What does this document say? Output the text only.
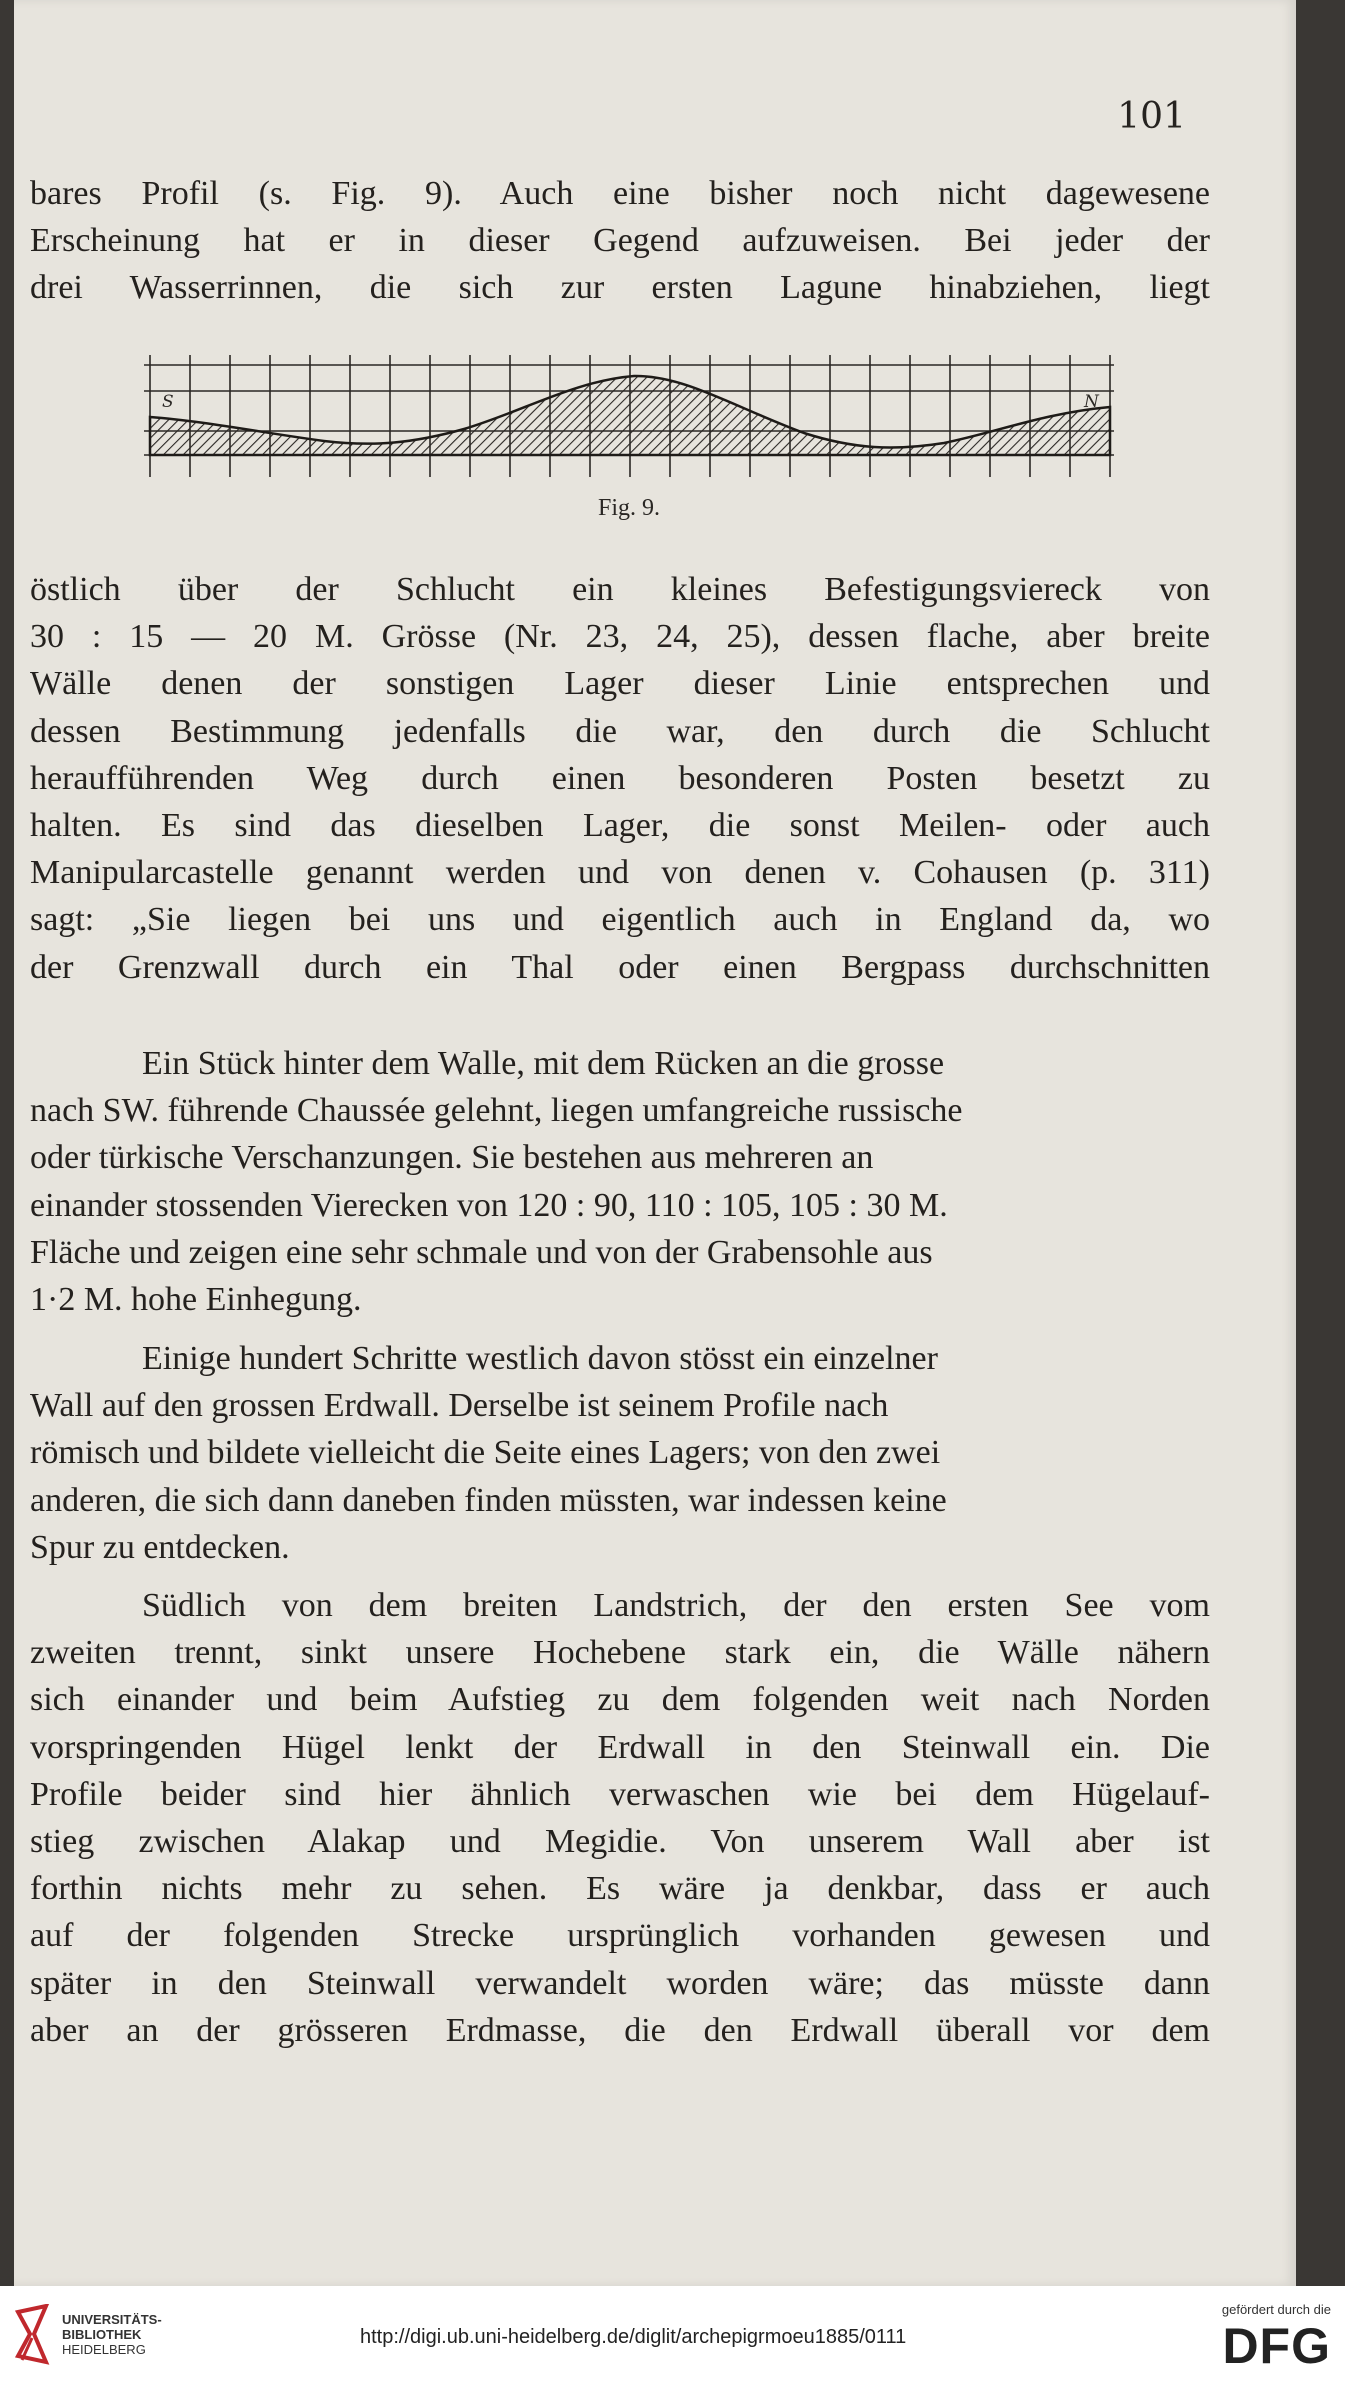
101

bares Profil (s. Fig. 9). Auch eine bisher noch nicht dagewesene
Erscheinung hat er in dieser Gegend aufzuweisen. Bei jeder der
drei Wasserrinnen, die sich zur ersten Lagune hinabziehen, liegt

S	N
Fig. 9.

östlich über der Schlucht ein kleines Befestigungsviereck von
30 : 15 — 20 M. Grösse (Nr. 23, 24, 25), dessen flache, aber breite
Wälle denen der sonstigen Lager dieser Linie entsprechen und
dessen Bestimmung jedenfalls die war, den durch die Schlucht
heraufführenden Weg durch einen besonderen Posten besetzt zu
halten. Es sind das dieselben Lager, die sonst Meilen- oder auch
Manipularcastelle genannt werden und von denen v. Cohausen (p. 311)
sagt: „Sie liegen bei uns und eigentlich auch in England da, wo
der Grenzwall durch ein Thal oder einen Bergpass durchschnitten

Ein Stück hinter dem Walle, mit dem Rücken an die grosse
nach SW. führende Chaussée gelehnt, liegen umfangreiche russische
oder türkische Verschanzungen. Sie bestehen aus mehreren an
einander stossenden Vierecken von 120 : 90, 110 : 105, 105 : 30 M.
Fläche und zeigen eine sehr schmale und von der Grabensohle aus
1·2 M. hohe Einhegung.

Einige hundert Schritte westlich davon stösst ein einzelner
Wall auf den grossen Erdwall. Derselbe ist seinem Profile nach
römisch und bildete vielleicht die Seite eines Lagers; von den zwei
anderen, die sich dann daneben finden müssten, war indessen keine
Spur zu entdecken.

Südlich von dem breiten Landstrich, der den ersten See vom
zweiten trennt, sinkt unsere Hochebene stark ein, die Wälle nähern
sich einander und beim Aufstieg zu dem folgenden weit nach Norden
vorspringenden Hügel lenkt der Erdwall in den Steinwall ein. Die
Profile beider sind hier ähnlich verwaschen wie bei dem Hügelauf-
stieg zwischen Alakap und Megidie. Von unserem Wall aber ist
forthin nichts mehr zu sehen. Es wäre ja denkbar, dass er auch
auf der folgenden Strecke ursprünglich vorhanden gewesen und
später in den Steinwall verwandelt worden wäre; das müsste dann
aber an der grösseren Erdmasse, die den Erdwall überall vor dem

UNIVERSITÄTS-
BIBLIOTHEK
HEIDELBERG
http://digi.ub.uni-heidelberg.de/diglit/archepigrmoeu1885/0111
gefördert durch die
DFG
